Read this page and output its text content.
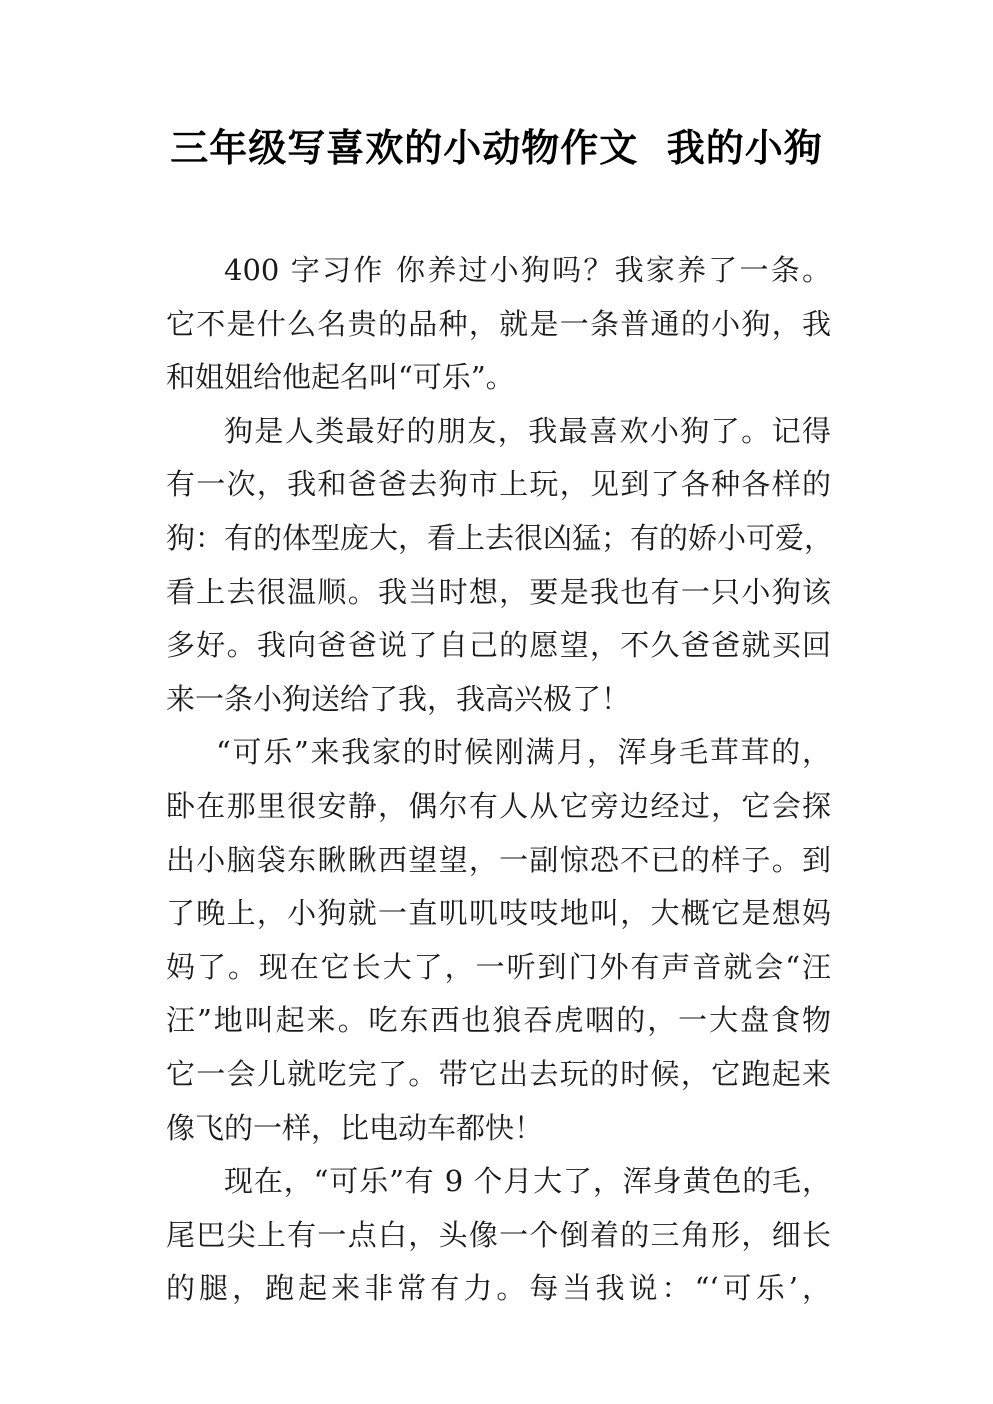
三年级写喜欢的小动物作文  我的小狗
400 字习作 你养过小狗吗？我家养了一条。
它不是什么名贵的品种，就是一条普通的小狗，我
和姐姐给他起名叫“可乐”。
狗是人类最好的朋友，我最喜欢小狗了。记得
有一次，我和爸爸去狗市上玩，见到了各种各样的
狗：有的体型庞大，看上去很凶猛；有的娇小可爱，
看上去很温顺。我当时想，要是我也有一只小狗该
多好。我向爸爸说了自己的愿望，不久爸爸就买回
来一条小狗送给了我，我高兴极了！
“可乐”来我家的时候刚满月，浑身毛茸茸的，
卧在那里很安静，偶尔有人从它旁边经过，它会探
出小脑袋东瞅瞅西望望，一副惊恐不已的样子。到
了晚上，小狗就一直叽叽吱吱地叫，大概它是想妈
妈了。现在它长大了，一听到门外有声音就会“汪
汪”地叫起来。吃东西也狼吞虎咽的，一大盘食物
它一会儿就吃完了。带它出去玩的时候，它跑起来
像飞的一样，比电动车都快！
现在，“可乐”有 9 个月大了，浑身黄色的毛，
尾巴尖上有一点白，头像一个倒着的三角形，细长
的腿，跑起来非常有力。每当我说：“‘可乐’，
